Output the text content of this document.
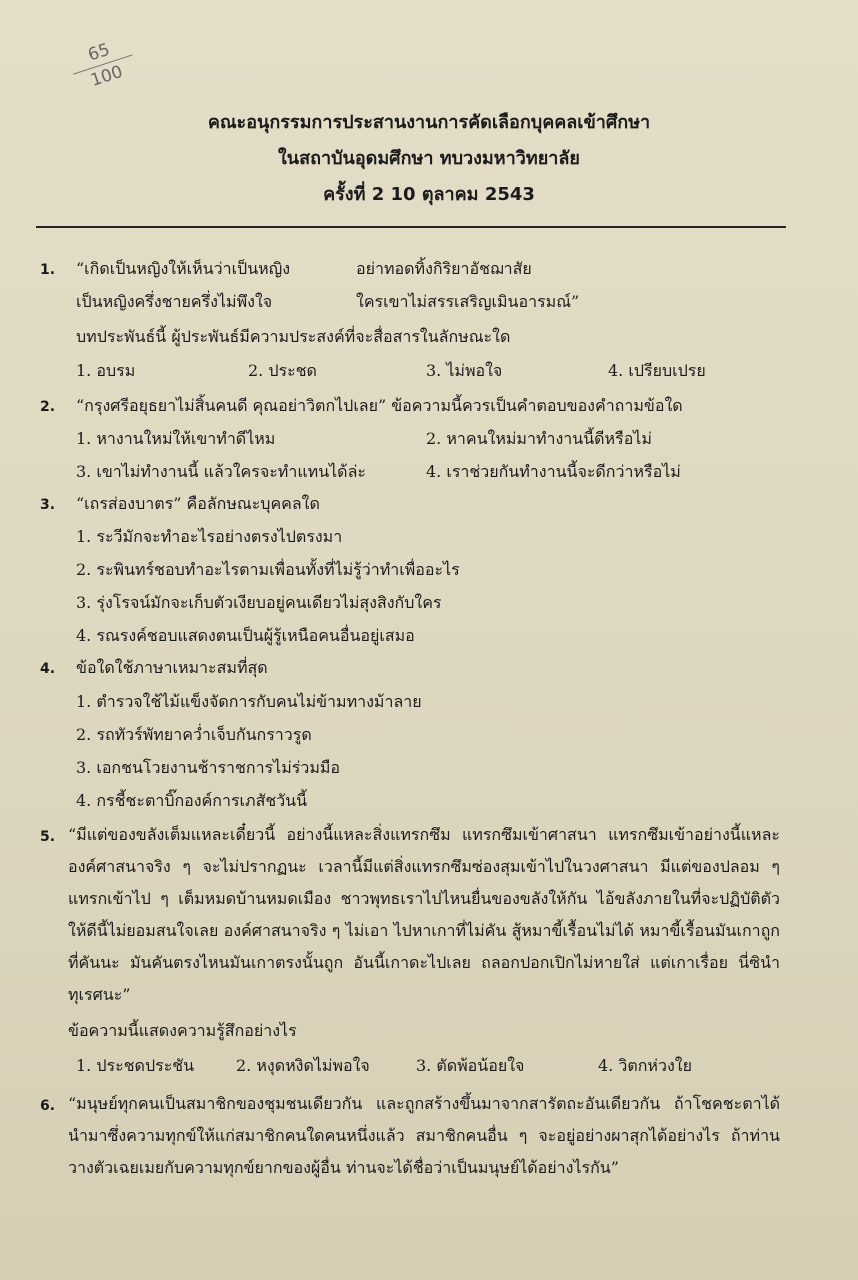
65
100
คณะอนุกรรมการประสานงานการคัดเลือกบุคคลเข้าศึกษา
ในสถาบันอุดมศึกษา ทบวงมหาวิทยาลัย
ครั้งที่ 2 10 ตุลาคม 2543
1. “เกิดเป็นหญิงให้เห็นว่าเป็นหญิง	อย่าทอดทิ้งกิริยาอัชฌาสัย
เป็นหญิงครึ่งชายครึ่งไม่พึงใจ	ใครเขาไม่สรรเสริญเมินอารมณ์”
บทประพันธ์นี้ ผู้ประพันธ์มีความประสงค์ที่จะสื่อสารในลักษณะใด
1. อบรม	2. ประชด	3. ไม่พอใจ	4. เปรียบเปรย
2. “กรุงศรีอยุธยาไม่สิ้นคนดี คุณอย่าวิตกไปเลย” ข้อความนี้ควรเป็นคำตอบของคำถามข้อใด
1. หางานใหม่ให้เขาทำดีไหม	2. หาคนใหม่มาทำงานนี้ดีหรือไม่
3. เขาไม่ทำงานนี้ แล้วใครจะทำแทนได้ล่ะ	4. เราช่วยกันทำงานนี้จะดีกว่าหรือไม่
3. “เถรส่องบาตร” คือลักษณะบุคคลใด
1. ระวีมักจะทำอะไรอย่างตรงไปตรงมา
2. ระพินทร์ชอบทำอะไรตามเพื่อนทั้งที่ไม่รู้ว่าทำเพื่ออะไร
3. รุ่งโรจน์มักจะเก็บตัวเงียบอยู่คนเดียวไม่สุงสิงกับใคร
4. รณรงค์ชอบแสดงตนเป็นผู้รู้เหนือคนอื่นอยู่เสมอ
4. ข้อใดใช้ภาษาเหมาะสมที่สุด
1. ตำรวจใช้ไม้แข็งจัดการกับคนไม่ข้ามทางม้าลาย
2. รถทัวร์พัทยาคว่ำเจ็บกันกราวรูด
3. เอกชนโวยงานช้าราชการไม่ร่วมมือ
4. กรชี้ชะตาบิ๊กองค์การเภสัชวันนี้
5. “มีแต่ของขลังเต็มแหละเดี๋ยวนี้ อย่างนี้แหละสิ่งแทรกซึม แทรกซึมเข้าศาสนา แทรกซึมเข้าอย่างนี้แหละ องค์ศาสนาจริง ๆ จะไม่ปรากฏนะ เวลานี้มีแต่สิ่งแทรกซึมซ่องสุมเข้าไปในวงศาสนา มีแต่ของปลอม ๆ แทรกเข้าไป ๆ เต็มหมดบ้านหมดเมือง ชาวพุทธเราไปไหนยื่นของขลังให้กัน ไอ้ขลังภายในที่จะปฏิบัติตัวให้ดีนี้ไม่ยอมสนใจเลย องค์ศาสนาจริง ๆ ไม่เอา ไปหาเกาที่ไม่คัน สู้หมาขี้เรื้อนไม่ได้ หมาขี้เรื้อนมันเกาถูกที่คันนะ มันคันตรงไหนมันเกาตรงนั้นถูก อันนี้เกาดะไปเลย ถลอกปอกเปิกไม่หายใส่ แต่เกาเรื่อย นี่ซินำทุเรศนะ”
ข้อความนี้แสดงความรู้สึกอย่างไร
1. ประชดประชัน	2. หงุดหงิดไม่พอใจ	3. ตัดพ้อน้อยใจ	4. วิตกห่วงใย
6. “มนุษย์ทุกคนเป็นสมาชิกของชุมชนเดียวกัน และถูกสร้างขึ้นมาจากสารัตถะอันเดียวกัน ถ้าโชคชะตาได้นำมาซึ่งความทุกข์ให้แก่สมาชิกคนใดคนหนึ่งแล้ว สมาชิกคนอื่น ๆ จะอยู่อย่างผาสุกได้อย่างไร ถ้าท่านวางตัวเฉยเมยกับความทุกข์ยากของผู้อื่น ท่านจะได้ชื่อว่าเป็นมนุษย์ได้อย่างไรกัน”
